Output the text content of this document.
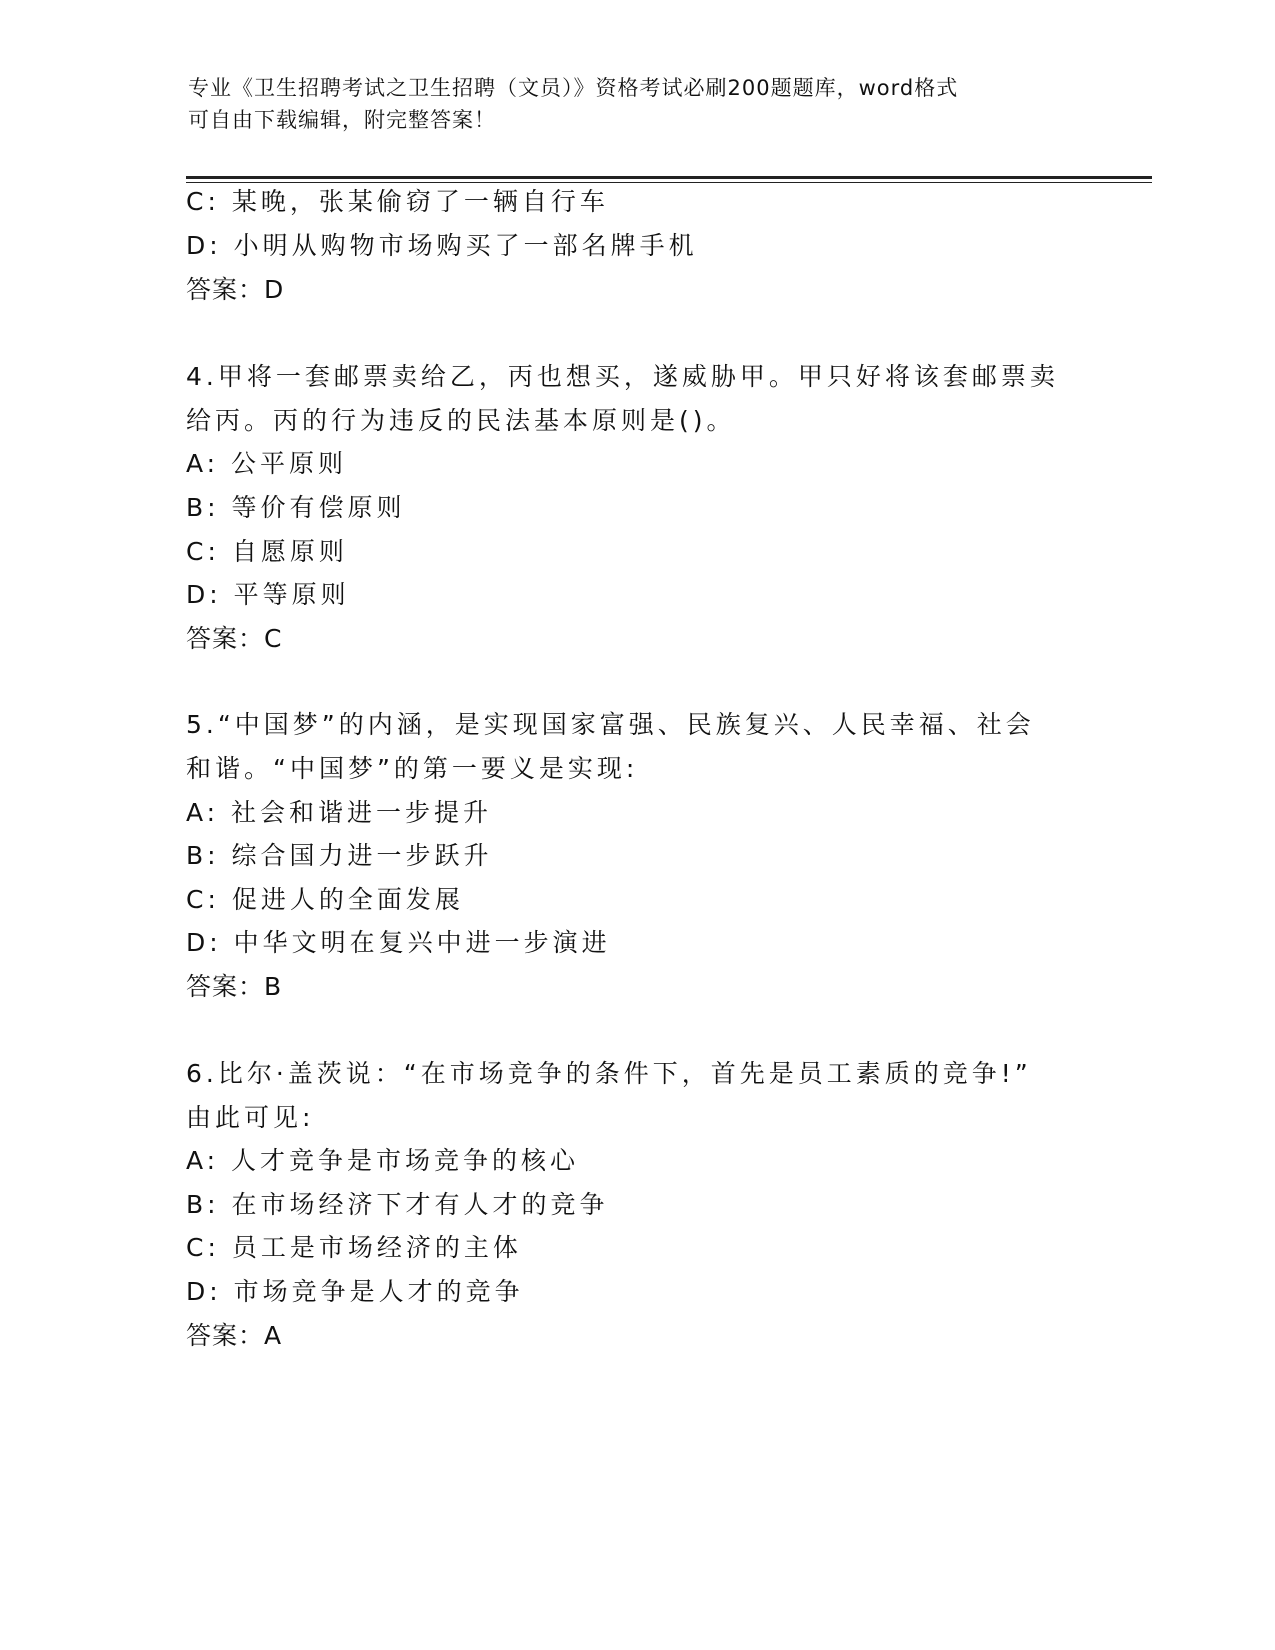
专业《卫生招聘考试之卫生招聘（文员）》资格考试必刷200题题库，word格式
可自由下载编辑，附完整答案！
C: 某晚，张某偷窃了一辆自行车
D: 小明从购物市场购买了一部名牌手机
答案：D
4.甲将一套邮票卖给乙，丙也想买，遂威胁甲。甲只好将该套邮票卖
给丙。丙的行为违反的民法基本原则是()。
A: 公平原则
B: 等价有偿原则
C: 自愿原则
D: 平等原则
答案：C
5.“中国梦”的内涵，是实现国家富强、民族复兴、人民幸福、社会
和谐。“中国梦”的第一要义是实现:
A: 社会和谐进一步提升
B: 综合国力进一步跃升
C: 促进人的全面发展
D: 中华文明在复兴中进一步演进
答案：B
6.比尔·盖茨说：“在市场竞争的条件下，首先是员工素质的竞争!”
由此可见:
A: 人才竞争是市场竞争的核心
B: 在市场经济下才有人才的竞争
C: 员工是市场经济的主体
D: 市场竞争是人才的竞争
答案：A
